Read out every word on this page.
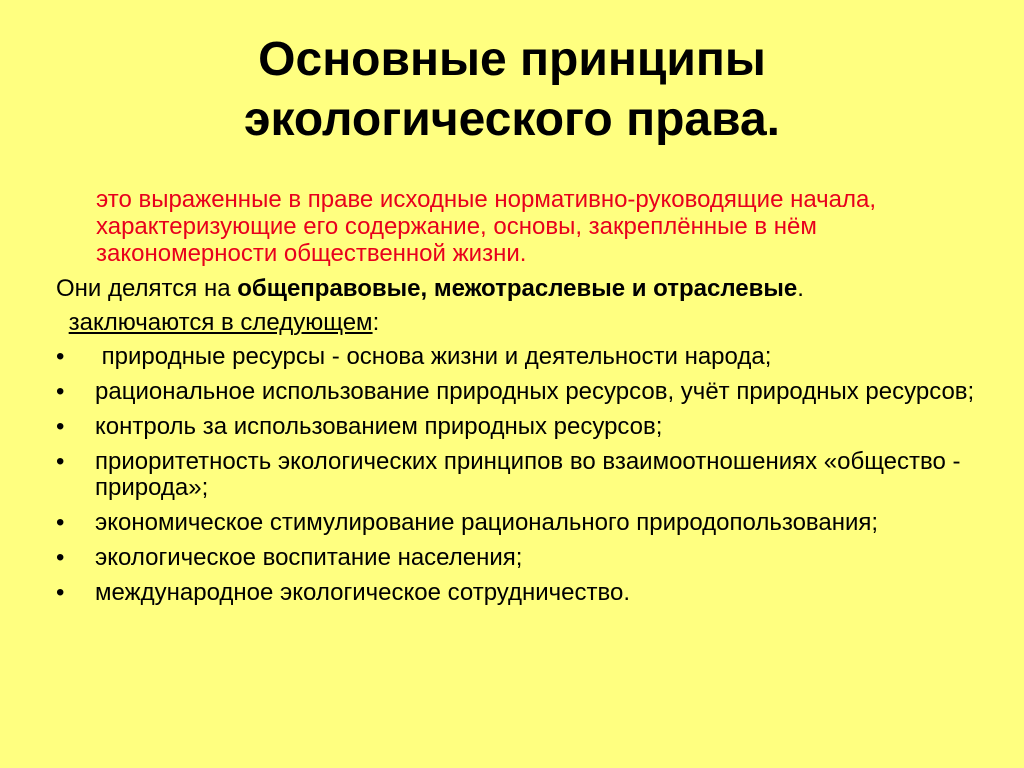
Основные принципы
экологического права.

это выраженные в праве исходные нормативно-руководящие начала, характеризующие его содержание, основы, закреплённые в нём закономерности общественной жизни.

Они делятся на общеправовые, межотраслевые и отраслевые.

заключаются в следующем:

•	природные ресурсы - основа жизни и деятельности народа;
•	рациональное использование природных ресурсов, учёт природных ресурсов;
•	контроль за использованием природных ресурсов;
•	приоритетность экологических принципов во взаимоотношениях «общество - природа»;
•	экономическое стимулирование рационального природопользования;
•	экологическое воспитание населения;
•	международное экологическое сотрудничество.
